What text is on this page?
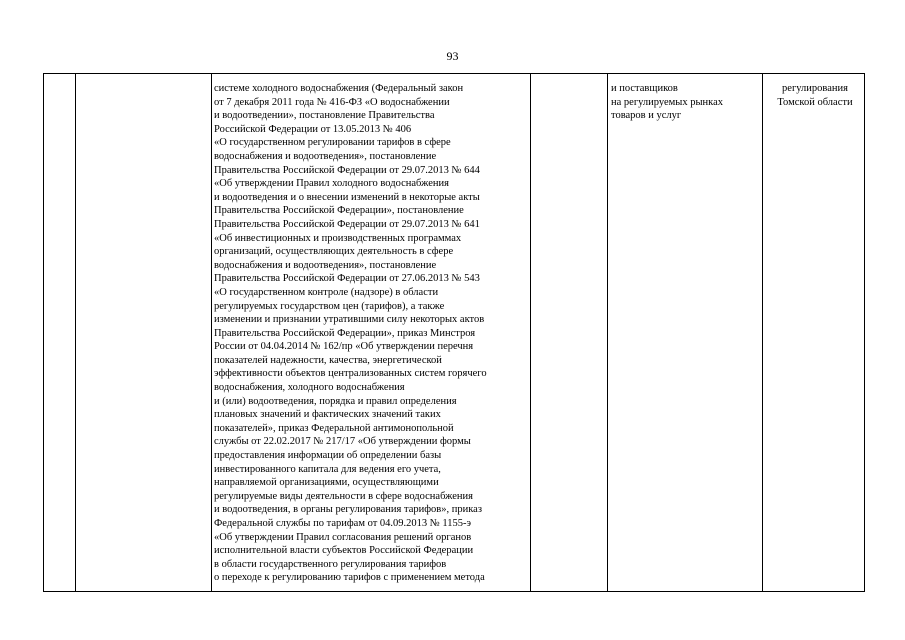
93
системе холодного водоснабжения (Федеральный закон
от 7 декабря 2011 года № 416-ФЗ «О водоснабжении
и водоотведении», постановление Правительства
Российской Федерации от 13.05.2013 № 406
«О государственном регулировании тарифов в сфере
водоснабжения и водоотведения», постановление
Правительства Российской Федерации от 29.07.2013 № 644
«Об утверждении Правил холодного водоснабжения
и водоотведения и о внесении изменений в некоторые акты
Правительства Российской Федерации», постановление
Правительства Российской Федерации от 29.07.2013 № 641
«Об инвестиционных и производственных программах
организаций, осуществляющих деятельность в сфере
водоснабжения и водоотведения», постановление
Правительства Российской Федерации от 27.06.2013 № 543
«О государственном контроле (надзоре) в области
регулируемых государством цен (тарифов), а также
изменении и признании утратившими силу некоторых актов
Правительства Российской Федерации», приказ Минстроя
России от 04.04.2014 № 162/пр «Об утверждении перечня
показателей надежности, качества, энергетической
эффективности объектов централизованных систем горячего
водоснабжения, холодного водоснабжения
и (или) водоотведения, порядка и правил определения
плановых значений и фактических значений таких
показателей», приказ Федеральной антимонопольной
службы от 22.02.2017 № 217/17 «Об утверждении формы
предоставления информации об определении базы
инвестированного капитала для ведения его учета,
направляемой организациями, осуществляющими
регулируемые виды деятельности в сфере водоснабжения
и водоотведения, в органы регулирования тарифов», приказ
Федеральной службы по тарифам от 04.09.2013 № 1155-э
«Об утверждении Правил согласования решений органов
исполнительной власти субъектов Российской Федерации
в области государственного регулирования тарифов
о переходе к регулированию тарифов с применением метода
и поставщиков
на регулируемых рынках
товаров и услуг
регулирования
Томской области
